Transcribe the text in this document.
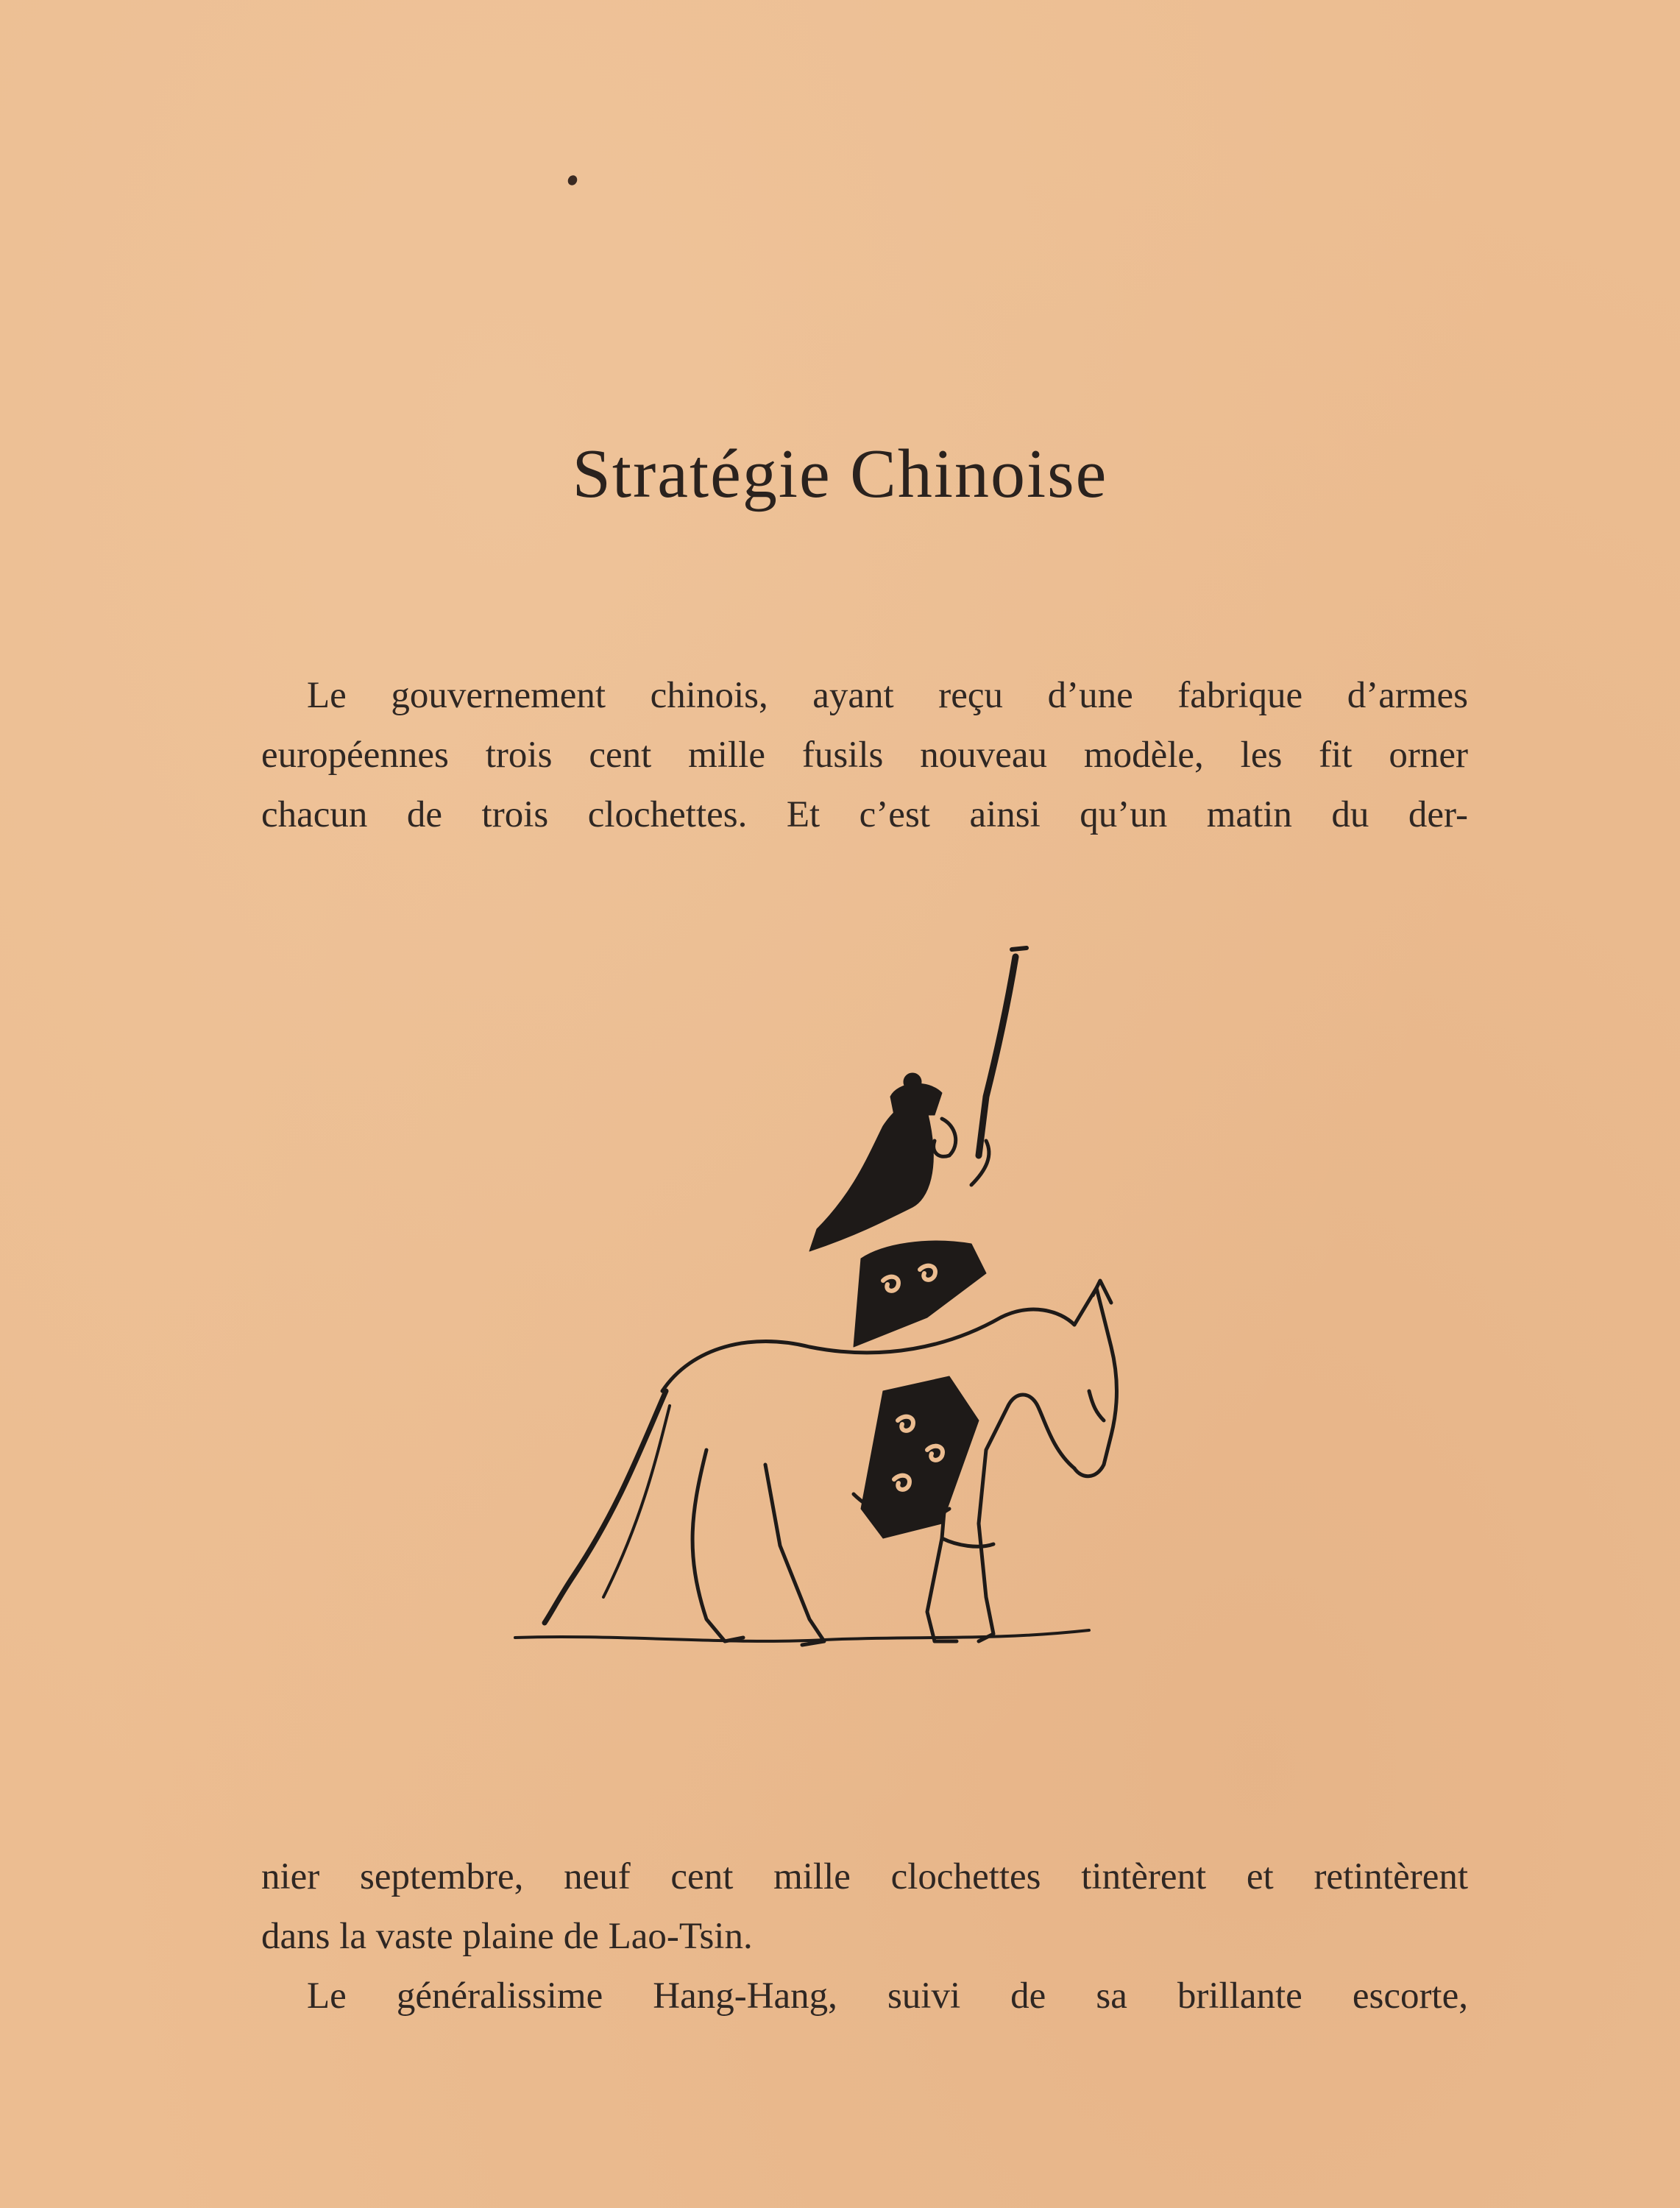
Stratégie Chinoise
Le gouvernement chinois, ayant reçu d’une fabrique d’armes
européennes trois cent mille fusils nouveau modèle, les fit orner
chacun de trois clochettes. Et c’est ainsi qu’un matin du der-
nier septembre, neuf cent mille clochettes tintèrent et retintèrent
dans la vaste plaine de Lao-Tsin.
Le généralissime Hang-Hang, suivi de sa brillante escorte,
